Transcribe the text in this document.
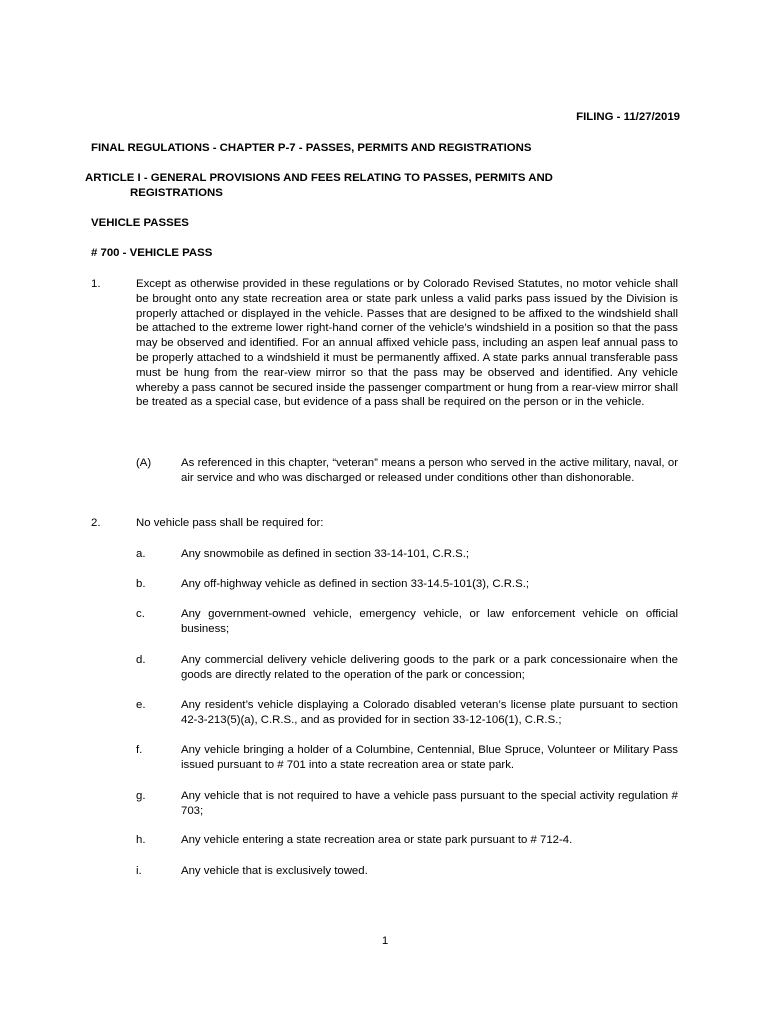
FILING - 11/27/2019
FINAL REGULATIONS - CHAPTER P-7 - PASSES, PERMITS AND REGISTRATIONS
ARTICLE I - GENERAL PROVISIONS AND FEES RELATING TO PASSES, PERMITS AND
REGISTRATIONS
VEHICLE PASSES
# 700 - VEHICLE PASS
1.	Except as otherwise provided in these regulations or by Colorado Revised Statutes, no motor vehicle shall be brought onto any state recreation area or state park unless a valid parks pass issued by the Division is properly attached or displayed in the vehicle. Passes that are designed to be affixed to the windshield shall be attached to the extreme lower right-hand corner of the vehicle’s windshield in a position so that the pass may be observed and identified. For an annual affixed vehicle pass, including an aspen leaf annual pass to be properly attached to a windshield it must be permanently affixed. A state parks annual transferable pass must be hung from the rear-view mirror so that the pass may be observed and identified. Any vehicle whereby a pass cannot be secured inside the passenger compartment or hung from a rear-view mirror shall be treated as a special case, but evidence of a pass shall be required on the person or in the vehicle.
(A)	As referenced in this chapter, “veteran” means a person who served in the active military, naval, or air service and who was discharged or released under conditions other than dishonorable.
2.	No vehicle pass shall be required for:
a.	Any snowmobile as defined in section 33-14-101, C.R.S.;
b.	Any off-highway vehicle as defined in section 33-14.5-101(3), C.R.S.;
c.	Any government-owned vehicle, emergency vehicle, or law enforcement vehicle on official business;
d.	Any commercial delivery vehicle delivering goods to the park or a park concessionaire when the goods are directly related to the operation of the park or concession;
e.	Any resident’s vehicle displaying a Colorado disabled veteran’s license plate pursuant to section 42-3-213(5)(a), C.R.S., and as provided for in section 33-12-106(1), C.R.S.;
f.	Any vehicle bringing a holder of a Columbine, Centennial, Blue Spruce, Volunteer or Military Pass issued pursuant to # 701 into a state recreation area or state park.
g.	Any vehicle that is not required to have a vehicle pass pursuant to the special activity regulation # 703;
h.	Any vehicle entering a state recreation area or state park pursuant to # 712-4.
i.	Any vehicle that is exclusively towed.
1
